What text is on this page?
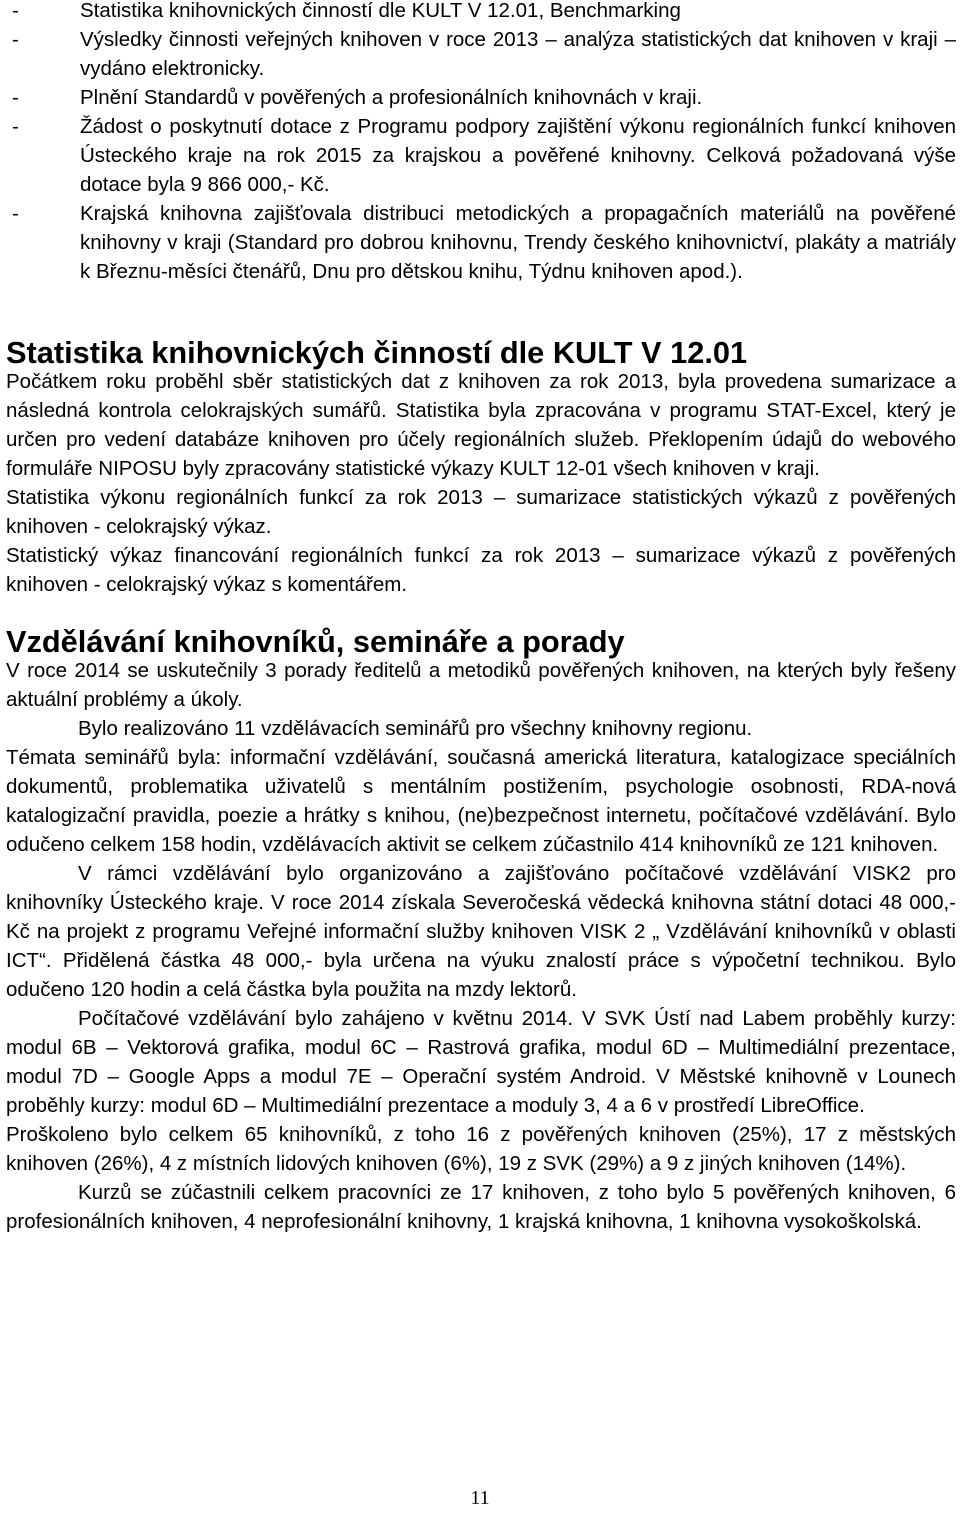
-	Statistika knihovnických činností dle KULT V 12.01, Benchmarking
-	Výsledky činnosti veřejných knihoven v roce 2013 – analýza statistických dat knihoven v kraji – vydáno elektronicky.
-	Plnění Standardů v pověřených a profesionálních knihovnách v kraji.
-	Žádost o poskytnutí dotace z Programu podpory zajištění výkonu regionálních funkcí knihoven Ústeckého kraje na rok 2015 za krajskou a pověřené knihovny. Celková požadovaná výše dotace byla 9 866 000,- Kč.
-	Krajská knihovna zajišťovala distribuci metodických a propagačních materiálů na pověřené knihovny v kraji (Standard pro dobrou knihovnu, Trendy českého knihovnictví, plakáty a matriály k Březnu-měsíci čtenářů, Dnu pro dětskou knihu, Týdnu knihoven apod.).
Statistika knihovnických činností dle KULT V 12.01

Počátkem roku proběhl sběr statistických dat z knihoven za rok 2013, byla provedena sumarizace a následná kontrola celokrajských sumářů. Statistika byla zpracována v programu STAT-Excel, který je určen pro vedení databáze knihoven pro účely regionálních služeb. Překlopením údajů do webového formuláře NIPOSU byly zpracovány statistické výkazy KULT 12-01 všech knihoven v kraji.

Statistika výkonu regionálních funkcí za rok 2013 – sumarizace statistických výkazů z pověřených knihoven - celokrajský výkaz.

Statistický výkaz financování regionálních funkcí za rok 2013 – sumarizace výkazů z pověřených knihoven - celokrajský výkaz s komentářem.

Vzdělávání knihovníků, semináře a porady

V roce 2014 se uskutečnily 3 porady ředitelů a metodiků pověřených knihoven, na kterých byly řešeny aktuální problémy a úkoly.

Bylo realizováno 11 vzdělávacích seminářů pro všechny knihovny regionu.

Témata seminářů byla: informační vzdělávání, současná americká literatura, katalogizace speciálních dokumentů, problematika uživatelů s mentálním postižením, psychologie osobnosti, RDA-nová katalogizační pravidla, poezie a hrátky s knihou, (ne)bezpečnost internetu, počítačové vzdělávání. Bylo odučeno celkem 158 hodin, vzdělávacích aktivit se celkem zúčastnilo 414 knihovníků ze 121 knihoven.

V rámci vzdělávání bylo organizováno a zajišťováno počítačové vzdělávání VISK2 pro knihovníky Ústeckého kraje. V roce 2014 získala Severočeská vědecká knihovna státní dotaci 48 000,- Kč na projekt z programu Veřejné informační služby knihoven VISK 2 „ Vzdělávání knihovníků v oblasti ICT“. Přidělená částka 48 000,- byla určena na výuku znalostí práce s výpočetní technikou. Bylo odučeno 120 hodin a celá částka byla použita na mzdy lektorů.

Počítačové vzdělávání bylo zahájeno v květnu 2014. V SVK Ústí nad Labem proběhly kurzy: modul 6B – Vektorová grafika, modul 6C – Rastrová grafika, modul 6D – Multimediální prezentace, modul 7D – Google Apps a modul 7E – Operační systém Android. V Městské knihovně v Lounech proběhly kurzy: modul 6D – Multimediální prezentace a moduly 3, 4 a 6 v prostředí LibreOffice.

Proškoleno bylo celkem 65 knihovníků, z toho 16 z pověřených knihoven (25%), 17 z městských knihoven (26%), 4 z místních lidových knihoven (6%), 19 z SVK (29%) a 9 z jiných knihoven (14%).

Kurzů se zúčastnili celkem pracovníci ze 17 knihoven, z toho bylo 5 pověřených knihoven, 6 profesionálních knihoven, 4 neprofesionální knihovny, 1 krajská knihovna, 1 knihovna vysokoškolská.

11
